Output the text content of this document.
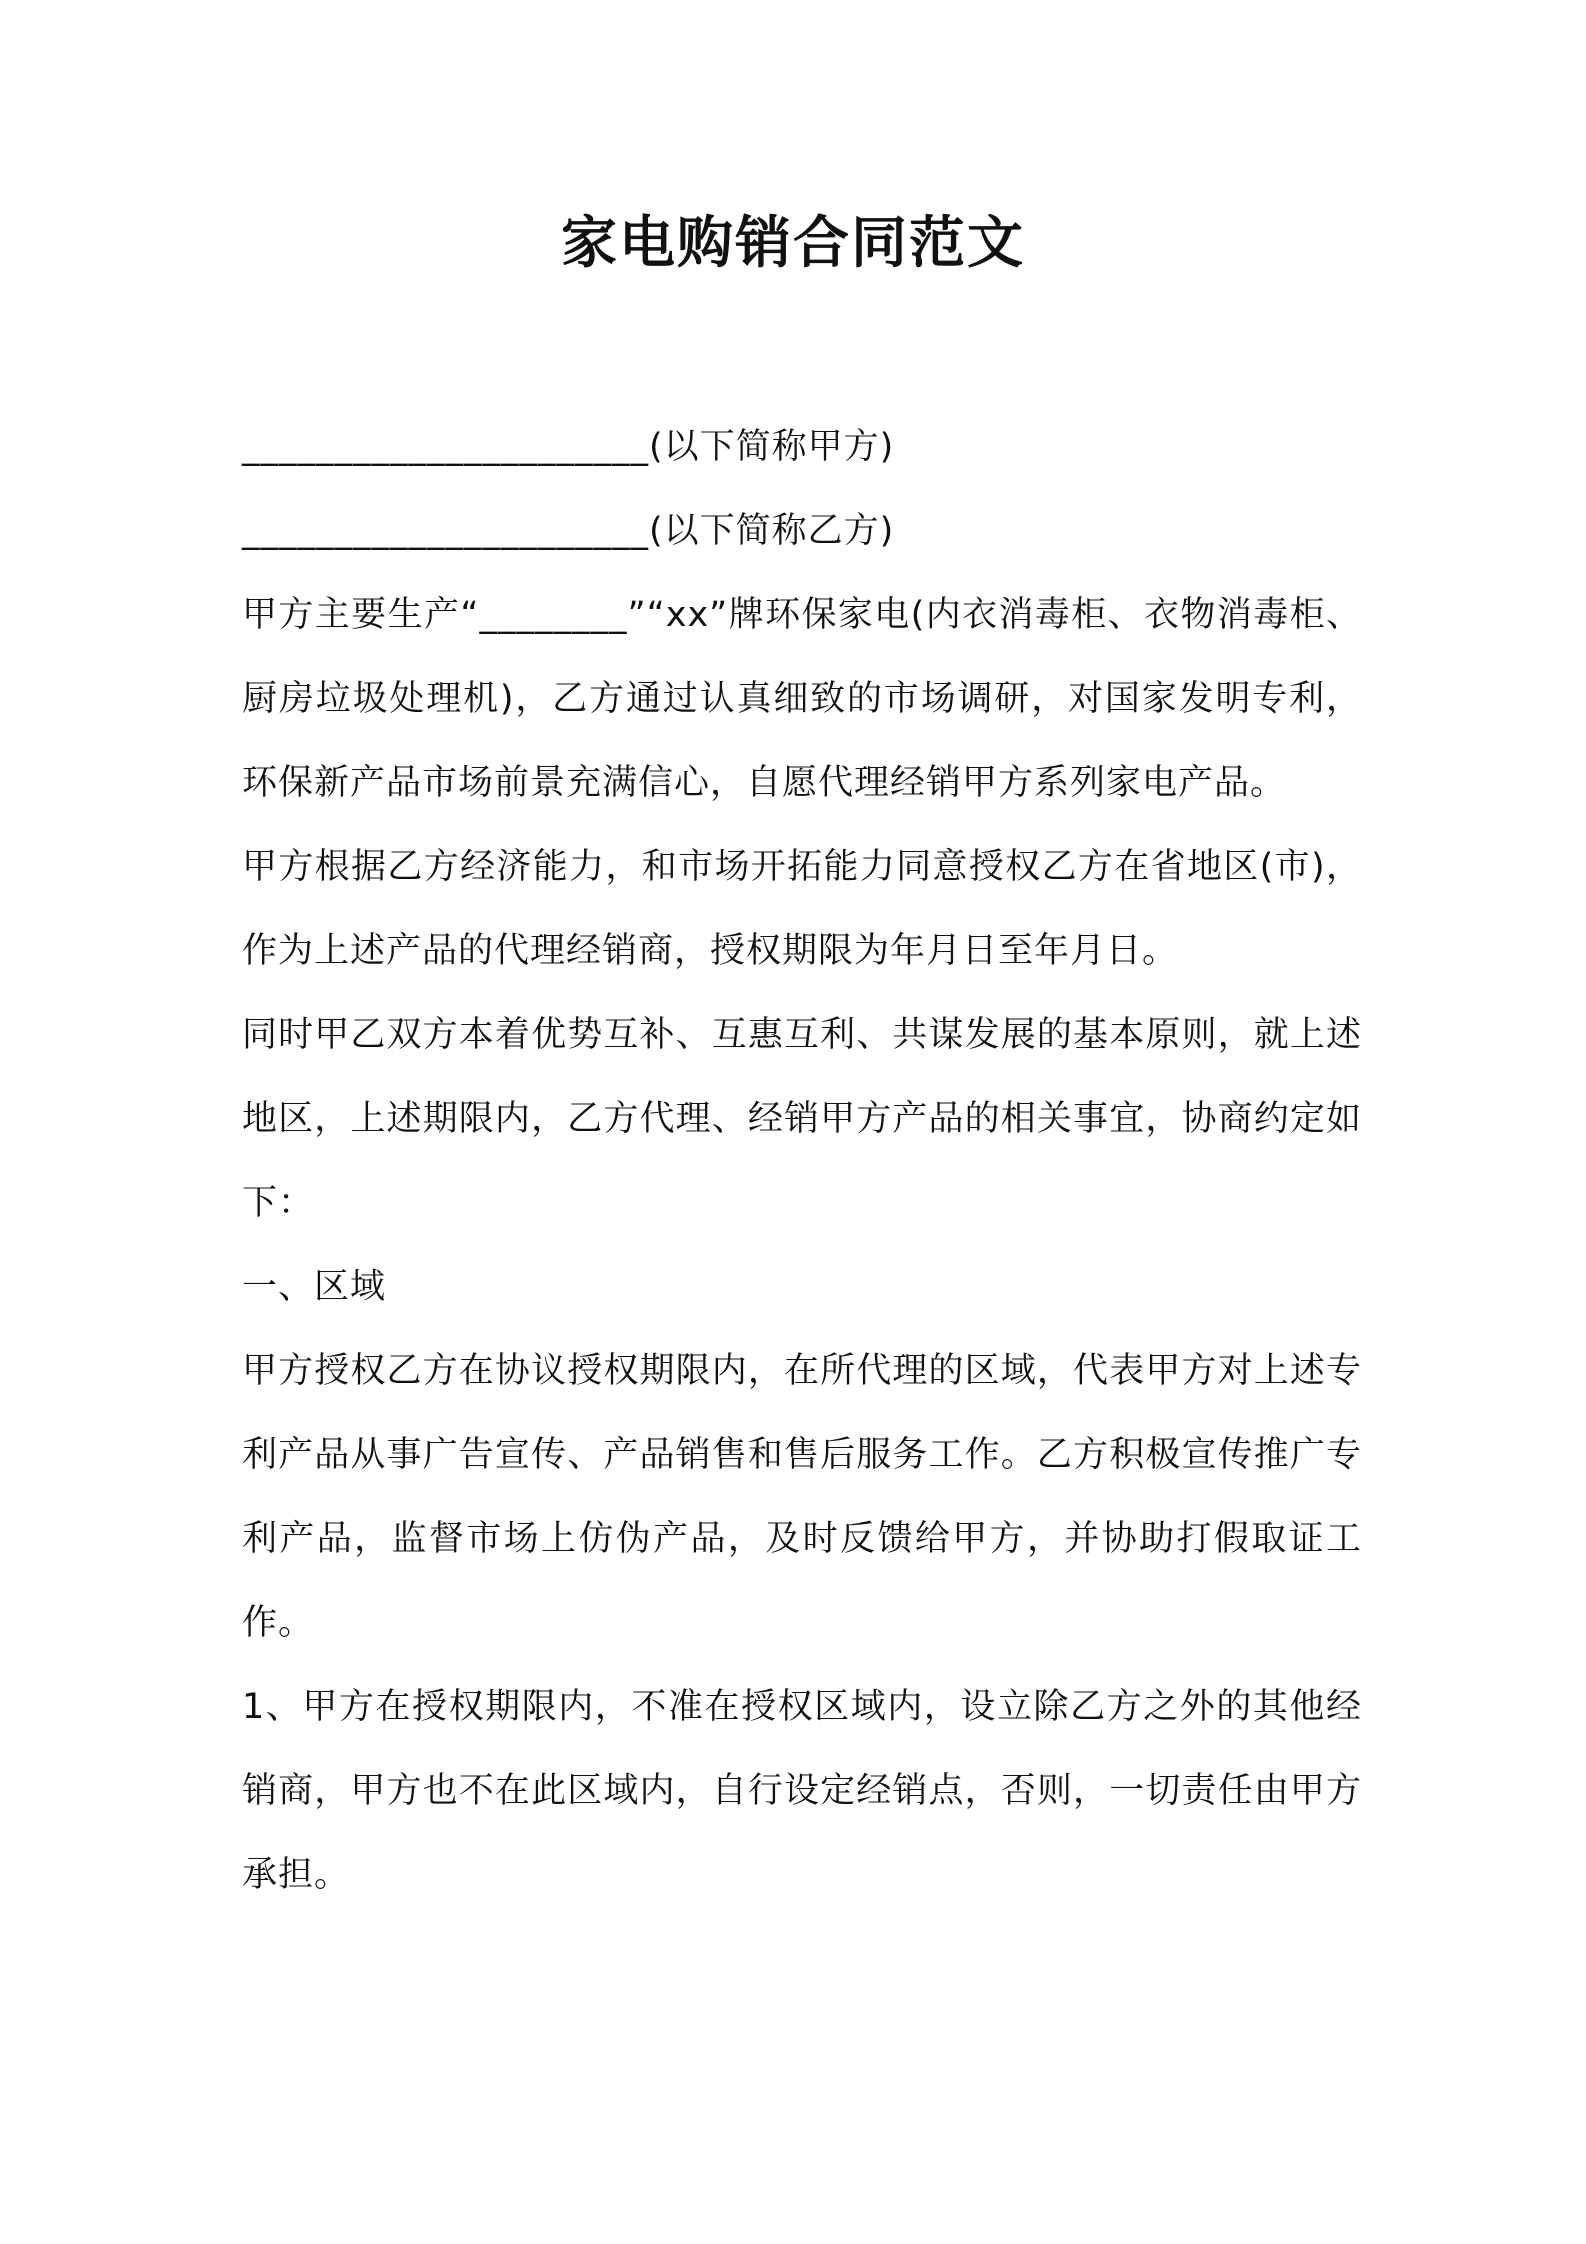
家电购销合同范文

______________________(以下简称甲方)

______________________(以下简称乙方)

甲方主要生产“________”“xx”牌环保家电(内衣消毒柜、衣物消毒柜、厨房垃圾处理机)，乙方通过认真细致的市场调研，对国家发明专利，环保新产品市场前景充满信心，自愿代理经销甲方系列家电产品。

甲方根据乙方经济能力，和市场开拓能力同意授权乙方在省地区(市)，作为上述产品的代理经销商，授权期限为年月日至年月日。

同时甲乙双方本着优势互补、互惠互利、共谋发展的基本原则，就上述地区，上述期限内，乙方代理、经销甲方产品的相关事宜，协商约定如下：

一、区域

甲方授权乙方在协议授权期限内，在所代理的区域，代表甲方对上述专利产品从事广告宣传、产品销售和售后服务工作。乙方积极宣传推广专利产品，监督市场上仿伪产品，及时反馈给甲方，并协助打假取证工作。

1、甲方在授权期限内，不准在授权区域内，设立除乙方之外的其他经销商，甲方也不在此区域内，自行设定经销点，否则，一切责任由甲方承担。
